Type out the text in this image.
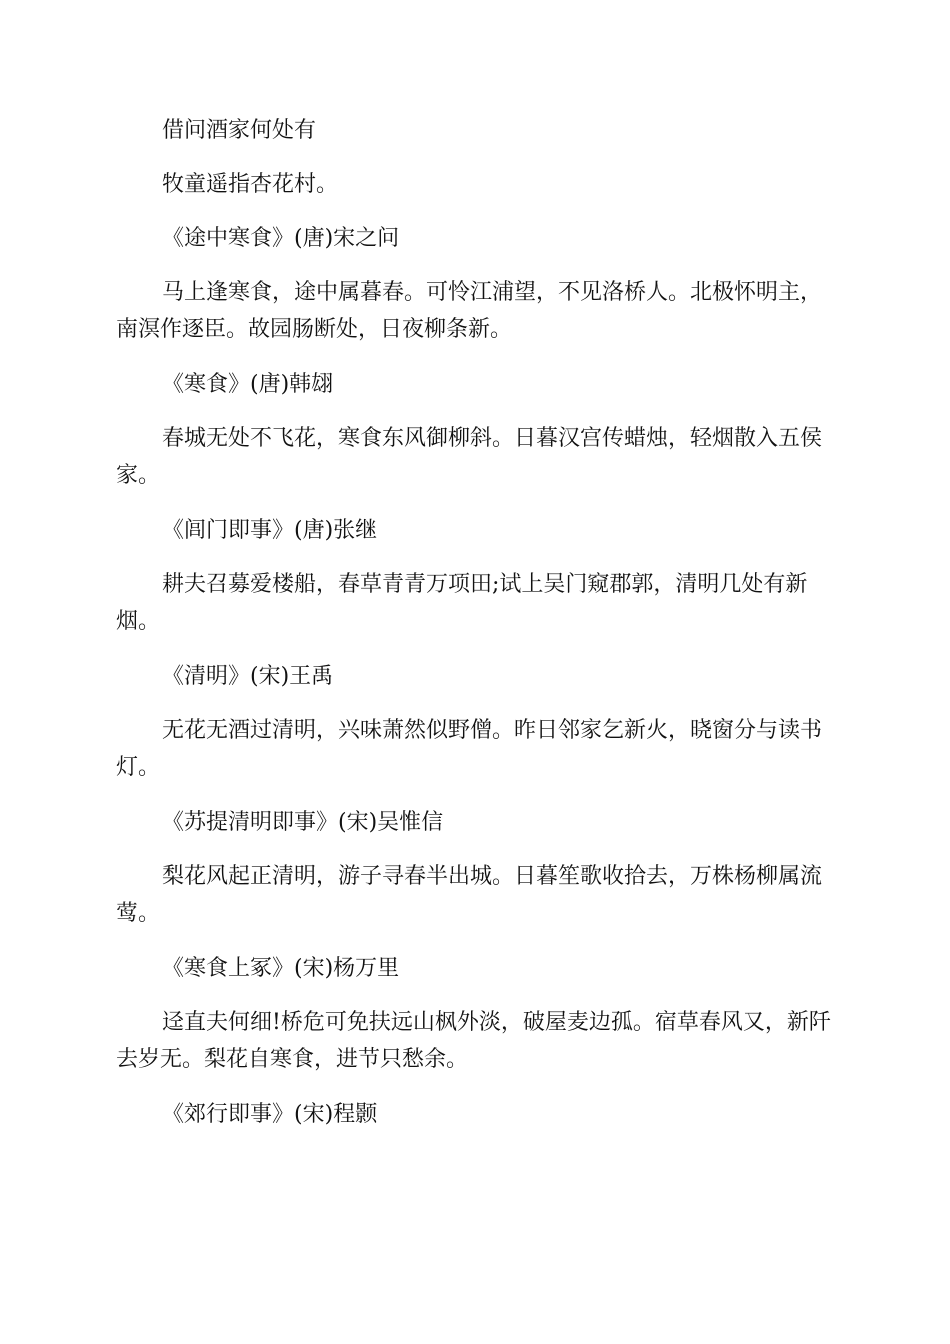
借问酒家何处有

牧童遥指杏花村。

《途中寒食》(唐)宋之问

马上逢寒食，途中属暮春。可怜江浦望，不见洛桥人。北极怀明主，南溟作逐臣。故园肠断处，日夜柳条新。

《寒食》(唐)韩翃

春城无处不飞花，寒食东风御柳斜。日暮汉宫传蜡烛，轻烟散入五侯家。

《闾门即事》(唐)张继

耕夫召募爱楼船，春草青青万项田;试上吴门窥郡郭，清明几处有新烟。

《清明》(宋)王禹

无花无酒过清明，兴味萧然似野僧。昨日邻家乞新火，晓窗分与读书灯。

《苏提清明即事》(宋)吴惟信

梨花风起正清明，游子寻春半出城。日暮笙歌收拾去，万株杨柳属流莺。

《寒食上冢》(宋)杨万里

迳直夫何细!桥危可免扶远山枫外淡，破屋麦边孤。宿草春风又，新阡去岁无。梨花自寒食，进节只愁余。

《郊行即事》(宋)程颢
